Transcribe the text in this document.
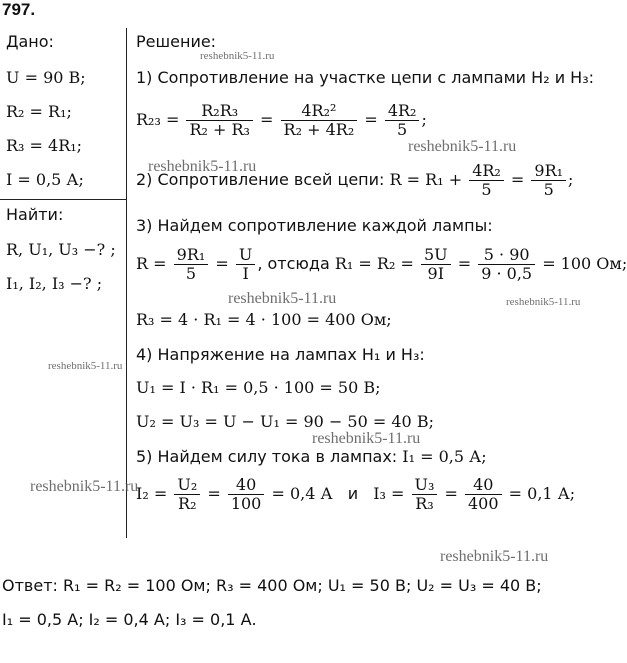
797.
Дано:
U = 90 В;
R₂ = R₁;
R₃ = 4R₁;
I = 0,5 А;
Найти:
R, U₁, U₃ −? ;
I₁, I₂, I₃ −? ;
Решение:
1) Сопротивление на участке цепи с лампами H₂ и H₃:
$R_{23} = \frac{\text{R₂R₃}}{\text{R₂ + R₃}} = \frac{\text{4R₂²}}{\text{R₂ + 4R₂}} = \frac{\text{4R₂}}{5}$ ;
2) Сопротивление всей цепи: $R = R_1 + \frac{\text{4R₂}}{5} = \frac{\text{9R₁}}{5}$ ;
3) Найдем сопротивление каждой лампы:
$R = \frac{\text{9R₁}}{5} = \frac{U}{I}$ , отсюда $R_1 = R_2 = \frac{5U}{9I} = \frac{5 \cdot 90}{9 \cdot 0,5} = 100$ Ом;
R₃ = 4 · R₁ = 4 · 100 = 400 Ом;
4) Напряжение на лампах H₁ и H₃:
U₁ = I · R₁ = 0,5 · 100 = 50 В;
U₂ = U₃ = U − U₁ = 90 − 50 = 40 В;
5) Найдем силу тока в лампах: I₁ = 0,5 А;
$I_2 = \frac{\text{U₂}}{\text{R₂}} = \frac{40}{100} = 0,4$ А и $I_3 = \frac{\text{U₃}}{\text{R₃}} = \frac{40}{400} = 0,1$ А;
Ответ: R₁ = R₂ = 100 Ом; R₃ = 400 Ом; U₁ = 50 В; U₂ = U₃ = 40 В;
I₁ = 0,5 А; I₂ = 0,4 А; I₃ = 0,1 А.
reshebnik5-11.ru
reshebnik5-11.ru
reshebnik5-11.ru
reshebnik5-11.ru	reshebnik5-11.ru
reshebnik5-11.ru
reshebnik5-11.ru
reshebnik5-11.ru
reshebnik5-11.ru
